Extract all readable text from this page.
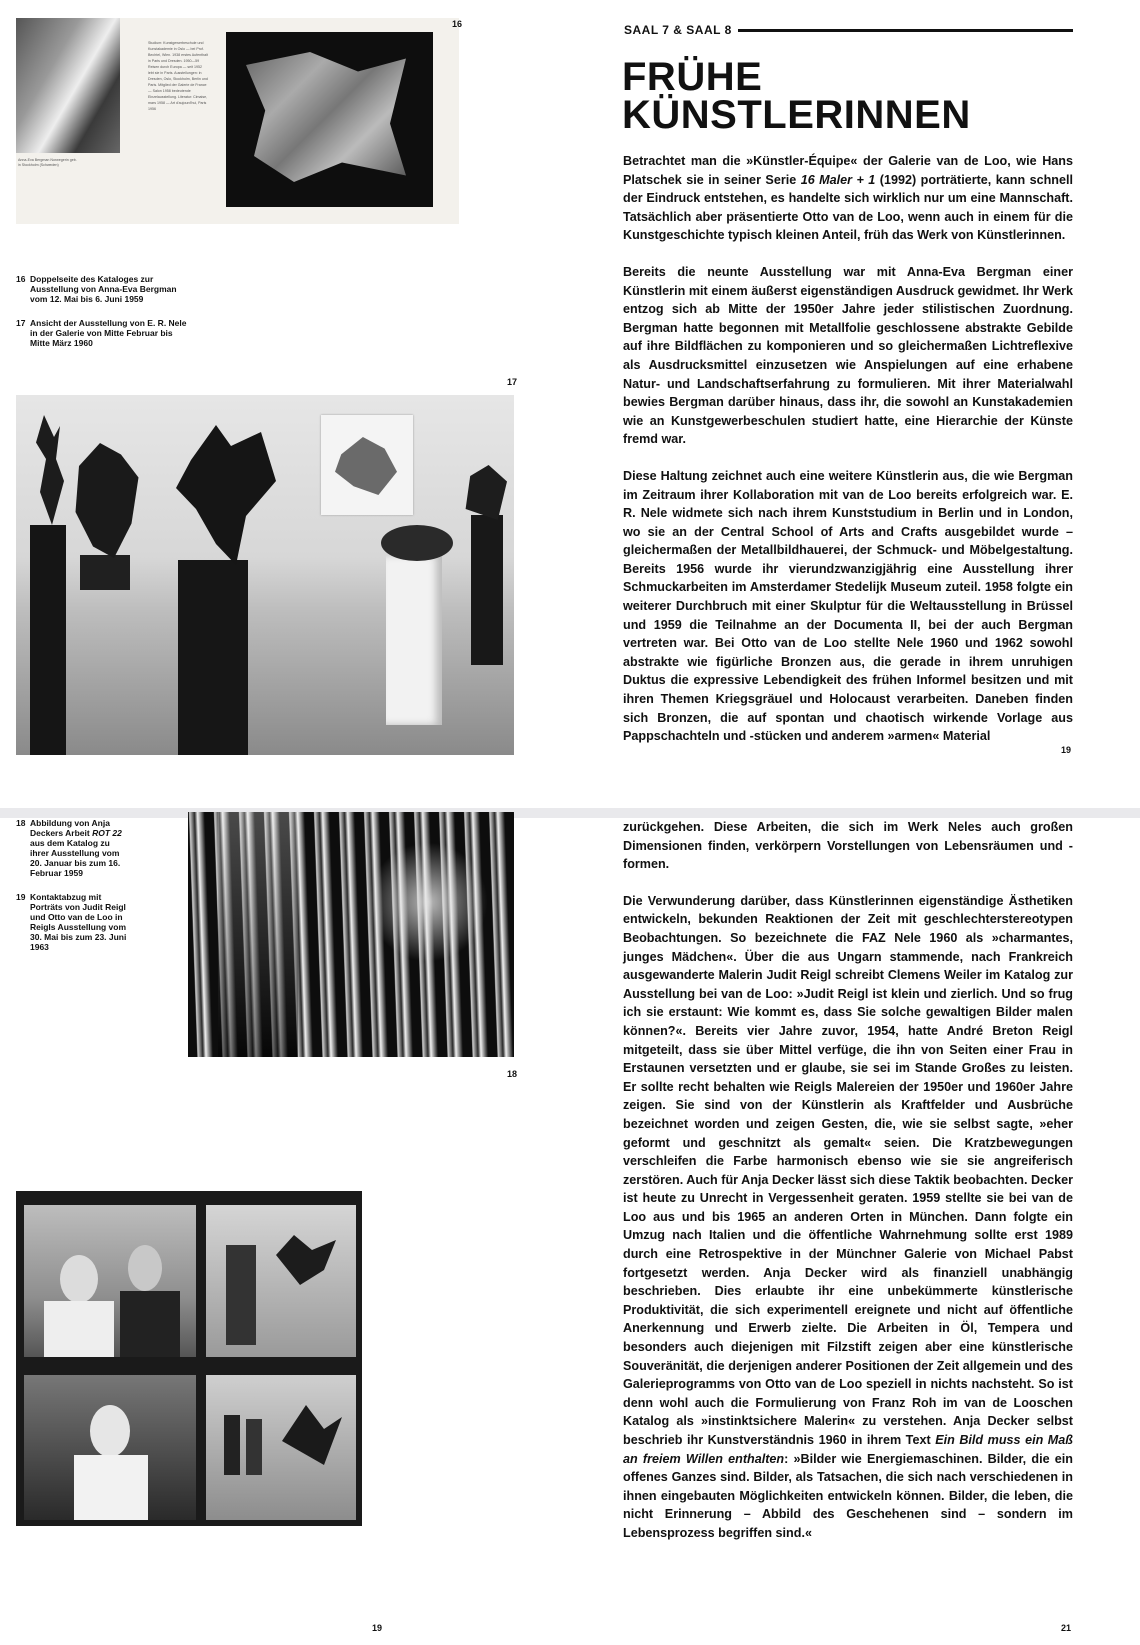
Studium: Kunstgewerbeschule und Kunstakademie in Oslo — bei Prof. Bechtel, Wien. 1938 erstes Aufenthalt in Paris und Dresden. 1950—59 Reisen durch Europa — seit 1952 lebt sie in Paris. Ausstellungen: in Dresden, Oslo, Stockholm, Berlin und Paris. Mitglied der Galerie de France — Salon 1958 bedeutende Einzelausstellung. Literatur: Cimaise, mars 1958 — Art d'aujourd'hui, Paris 1956
Anna-Eva Bergman Norwegerin geb. in Stockholm (Schweden)
16
16 Doppelseite des Kataloges zur Ausstellung von Anna-Eva Bergman vom 12. Mai bis 6. Juni 1959
17 Ansicht der Ausstellung von E. R. Nele in der Galerie von Mitte Februar bis Mitte März 1960
17
SAAL 7 & SAAL 8
FRÜHE
KÜNSTLERINNEN

Betrachtet man die »Künstler-Équipe« der Galerie van de Loo, wie Hans Platschek sie in seiner Serie 16 Maler + 1 (1992) porträtierte, kann schnell der Eindruck entstehen, es handelte sich wirklich nur um eine Mannschaft. Tatsächlich aber präsentierte Otto van de Loo, wenn auch in einem für die Kunstgeschichte typisch kleinen Anteil, früh das Werk von Künstlerinnen.

Bereits die neunte Ausstellung war mit Anna-Eva Bergman einer Künstlerin mit einem äußerst eigenständigen Ausdruck gewidmet. Ihr Werk entzog sich ab Mitte der 1950er Jahre jeder stilistischen Zuordnung. Bergman hatte begonnen mit Metallfolie geschlossene abstrakte Gebilde auf ihre Bildflächen zu komponieren und so gleichermaßen Lichtreflexive als Ausdrucksmittel einzusetzen wie Anspielungen auf eine erhabene Natur- und Landschaftserfahrung zu formulieren. Mit ihrer Materialwahl bewies Bergman darüber hinaus, dass ihr, die sowohl an Kunstakademien wie an Kunstgewerbeschulen studiert hatte, eine Hierarchie der Künste fremd war.

Diese Haltung zeichnet auch eine weitere Künstlerin aus, die wie Bergman im Zeitraum ihrer Kollaboration mit van de Loo bereits erfolgreich war. E. R. Nele widmete sich nach ihrem Kunststudium in Berlin und in London, wo sie an der Central School of Arts and Crafts ausgebildet wurde – gleichermaßen der Metallbildhauerei, der Schmuck- und Möbelgestaltung. Bereits 1956 wurde ihr vierundzwanzigjährig eine Ausstellung ihrer Schmuckarbeiten im Amsterdamer Stedelijk Museum zuteil. 1958 folgte ein weiterer Durchbruch mit einer Skulptur für die Weltausstellung in Brüssel und 1959 die Teilnahme an der Documenta II, bei der auch Bergman vertreten war. Bei Otto van de Loo stellte Nele 1960 und 1962 sowohl abstrakte wie figürliche Bronzen aus, die gerade in ihrem unruhigen Duktus die expressive Lebendigkeit des frühen Informel besitzen und mit ihren Themen Kriegsgräuel und Holocaust verarbeiten. Daneben finden sich Bronzen, die auf spontan und chaotisch wirkende Vorlage aus Pappschachteln und -stücken und anderem »armen« Material

19
18 Abbildung von Anja Deckers Arbeit ROT 22 aus dem Katalog zu ihrer Ausstellung vom 20. Januar bis zum 16. Februar 1959
19 Kontaktabzug mit Porträts von Judit Reigl und Otto van de Loo in Reigls Ausstellung vom 30. Mai bis zum 23. Juni 1963
18
19

zurückgehen. Diese Arbeiten, die sich im Werk Neles auch großen Dimensionen finden, verkörpern Vorstellungen von Lebensräumen und -formen.

Die Verwunderung darüber, dass Künstlerinnen eigenständige Ästhetiken entwickeln, bekunden Reaktionen der Zeit mit geschlechterstereotypen Beobachtungen. So bezeichnete die FAZ Nele 1960 als »charmantes, junges Mädchen«. Über die aus Ungarn stammende, nach Frankreich ausgewanderte Malerin Judit Reigl schreibt Clemens Weiler im Katalog zur Ausstellung bei van de Loo: »Judit Reigl ist klein und zierlich. Und so frug ich sie erstaunt: Wie kommt es, dass Sie solche gewaltigen Bilder malen können?«. Bereits vier Jahre zuvor, 1954, hatte André Breton Reigl mitgeteilt, dass sie über Mittel verfüge, die ihn von Seiten einer Frau in Erstaunen versetzten und er glaube, sie sei im Stande Großes zu leisten. Er sollte recht behalten wie Reigls Malereien der 1950er und 1960er Jahre zeigen. Sie sind von der Künstlerin als Kraftfelder und Ausbrüche bezeichnet worden und zeigen Gesten, die, wie sie selbst sagte, »eher geformt und geschnitzt als gemalt« seien. Die Kratzbewegungen verschleifen die Farbe harmonisch ebenso wie sie sie angreiferisch zerstören. Auch für Anja Decker lässt sich diese Taktik beobachten. Decker ist heute zu Unrecht in Vergessenheit geraten. 1959 stellte sie bei van de Loo aus und bis 1965 an anderen Orten in München. Dann folgte ein Umzug nach Italien und die öffentliche Wahrnehmung sollte erst 1989 durch eine Retrospektive in der Münchner Galerie von Michael Pabst fortgesetzt werden. Anja Decker wird als finanziell unabhängig beschrieben. Dies erlaubte ihr eine unbekümmerte künstlerische Produktivität, die sich experimentell ereignete und nicht auf öffentliche Anerkennung und Erwerb zielte. Die Arbeiten in Öl, Tempera und besonders auch diejenigen mit Filzstift zeigen aber eine künstlerische Souveränität, die derjenigen anderer Positionen der Zeit allgemein und des Galerieprogramms von Otto van de Loo speziell in nichts nachsteht. So ist denn wohl auch die Formulierung von Franz Roh im van de Looschen Katalog als »instinktsichere Malerin« zu verstehen. Anja Decker selbst beschrieb ihr Kunstverständnis 1960 in ihrem Text Ein Bild muss ein Maß an freiem Willen enthalten: »Bilder wie Energiemaschinen. Bilder, die ein offenes Ganzes sind. Bilder, als Tatsachen, die sich nach verschiedenen in ihnen eingebauten Möglichkeiten entwickeln können. Bilder, die leben, die nicht Erinnerung – Abbild des Geschehenen sind – sondern im Lebensprozess begriffen sind.«

21
